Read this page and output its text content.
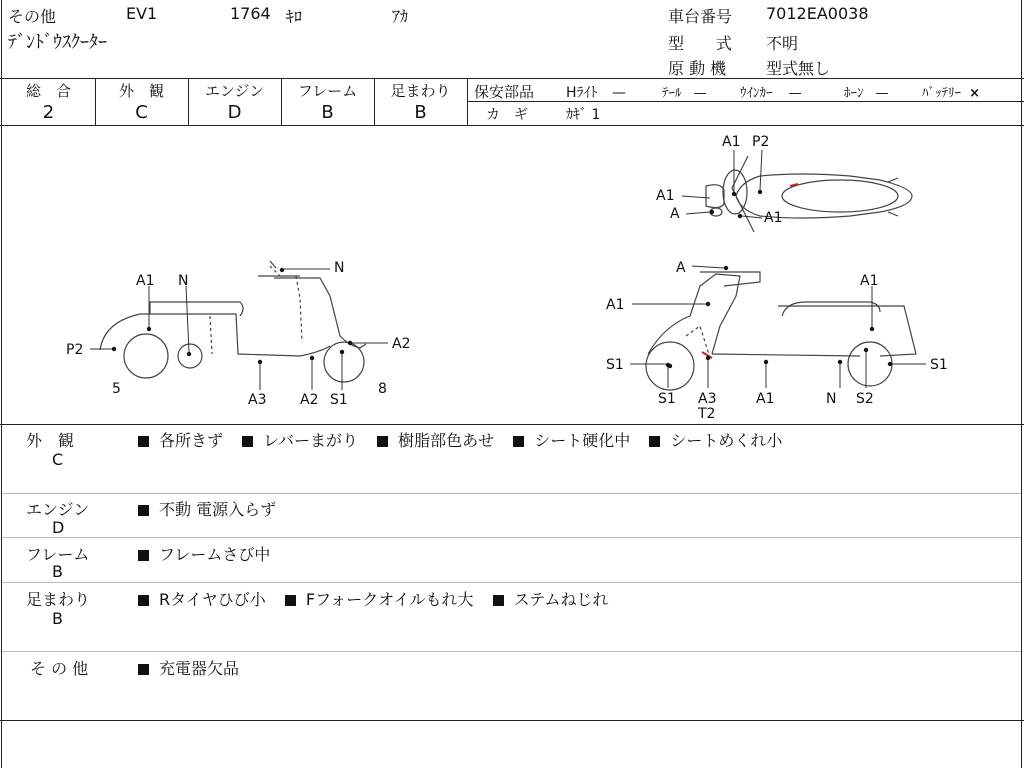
その他	EV1	1764 ｷﾛ	ｱｶ
ﾃﾞﾝﾄﾞｳｽｸｰﾀｰ
車台番号 7012EA0038
型　　式 不明
原 動 機 型式無し
総　合
2
外　観
C
エンジン
D
フレーム
B
足まわり
B
保安部品 Hﾗｲﾄ —	ﾃｰﾙ —	ｳｲﾝｶｰ —	ﾎｰﾝ —	ﾊﾞｯﾃﾘｰ ×
カ　ギ	ｶｷﾞ 1
A1 P2
A1
A	A1
A1 N
N
P2	A2
5
A3 A2 S1
8
A
A1
A1
S1	S1
S1 A3
T2
A1	N S2
外　観
C
各所きず	レバーまがり	樹脂部色あせ	シート硬化中	シートめくれ小
エンジン
D
不動 電源入らず
フレーム
B
フレームさび中
足まわり
B
Rタイヤひび小	Fフォークオイルもれ大	ステムねじれ
そ の 他	充電器欠品
